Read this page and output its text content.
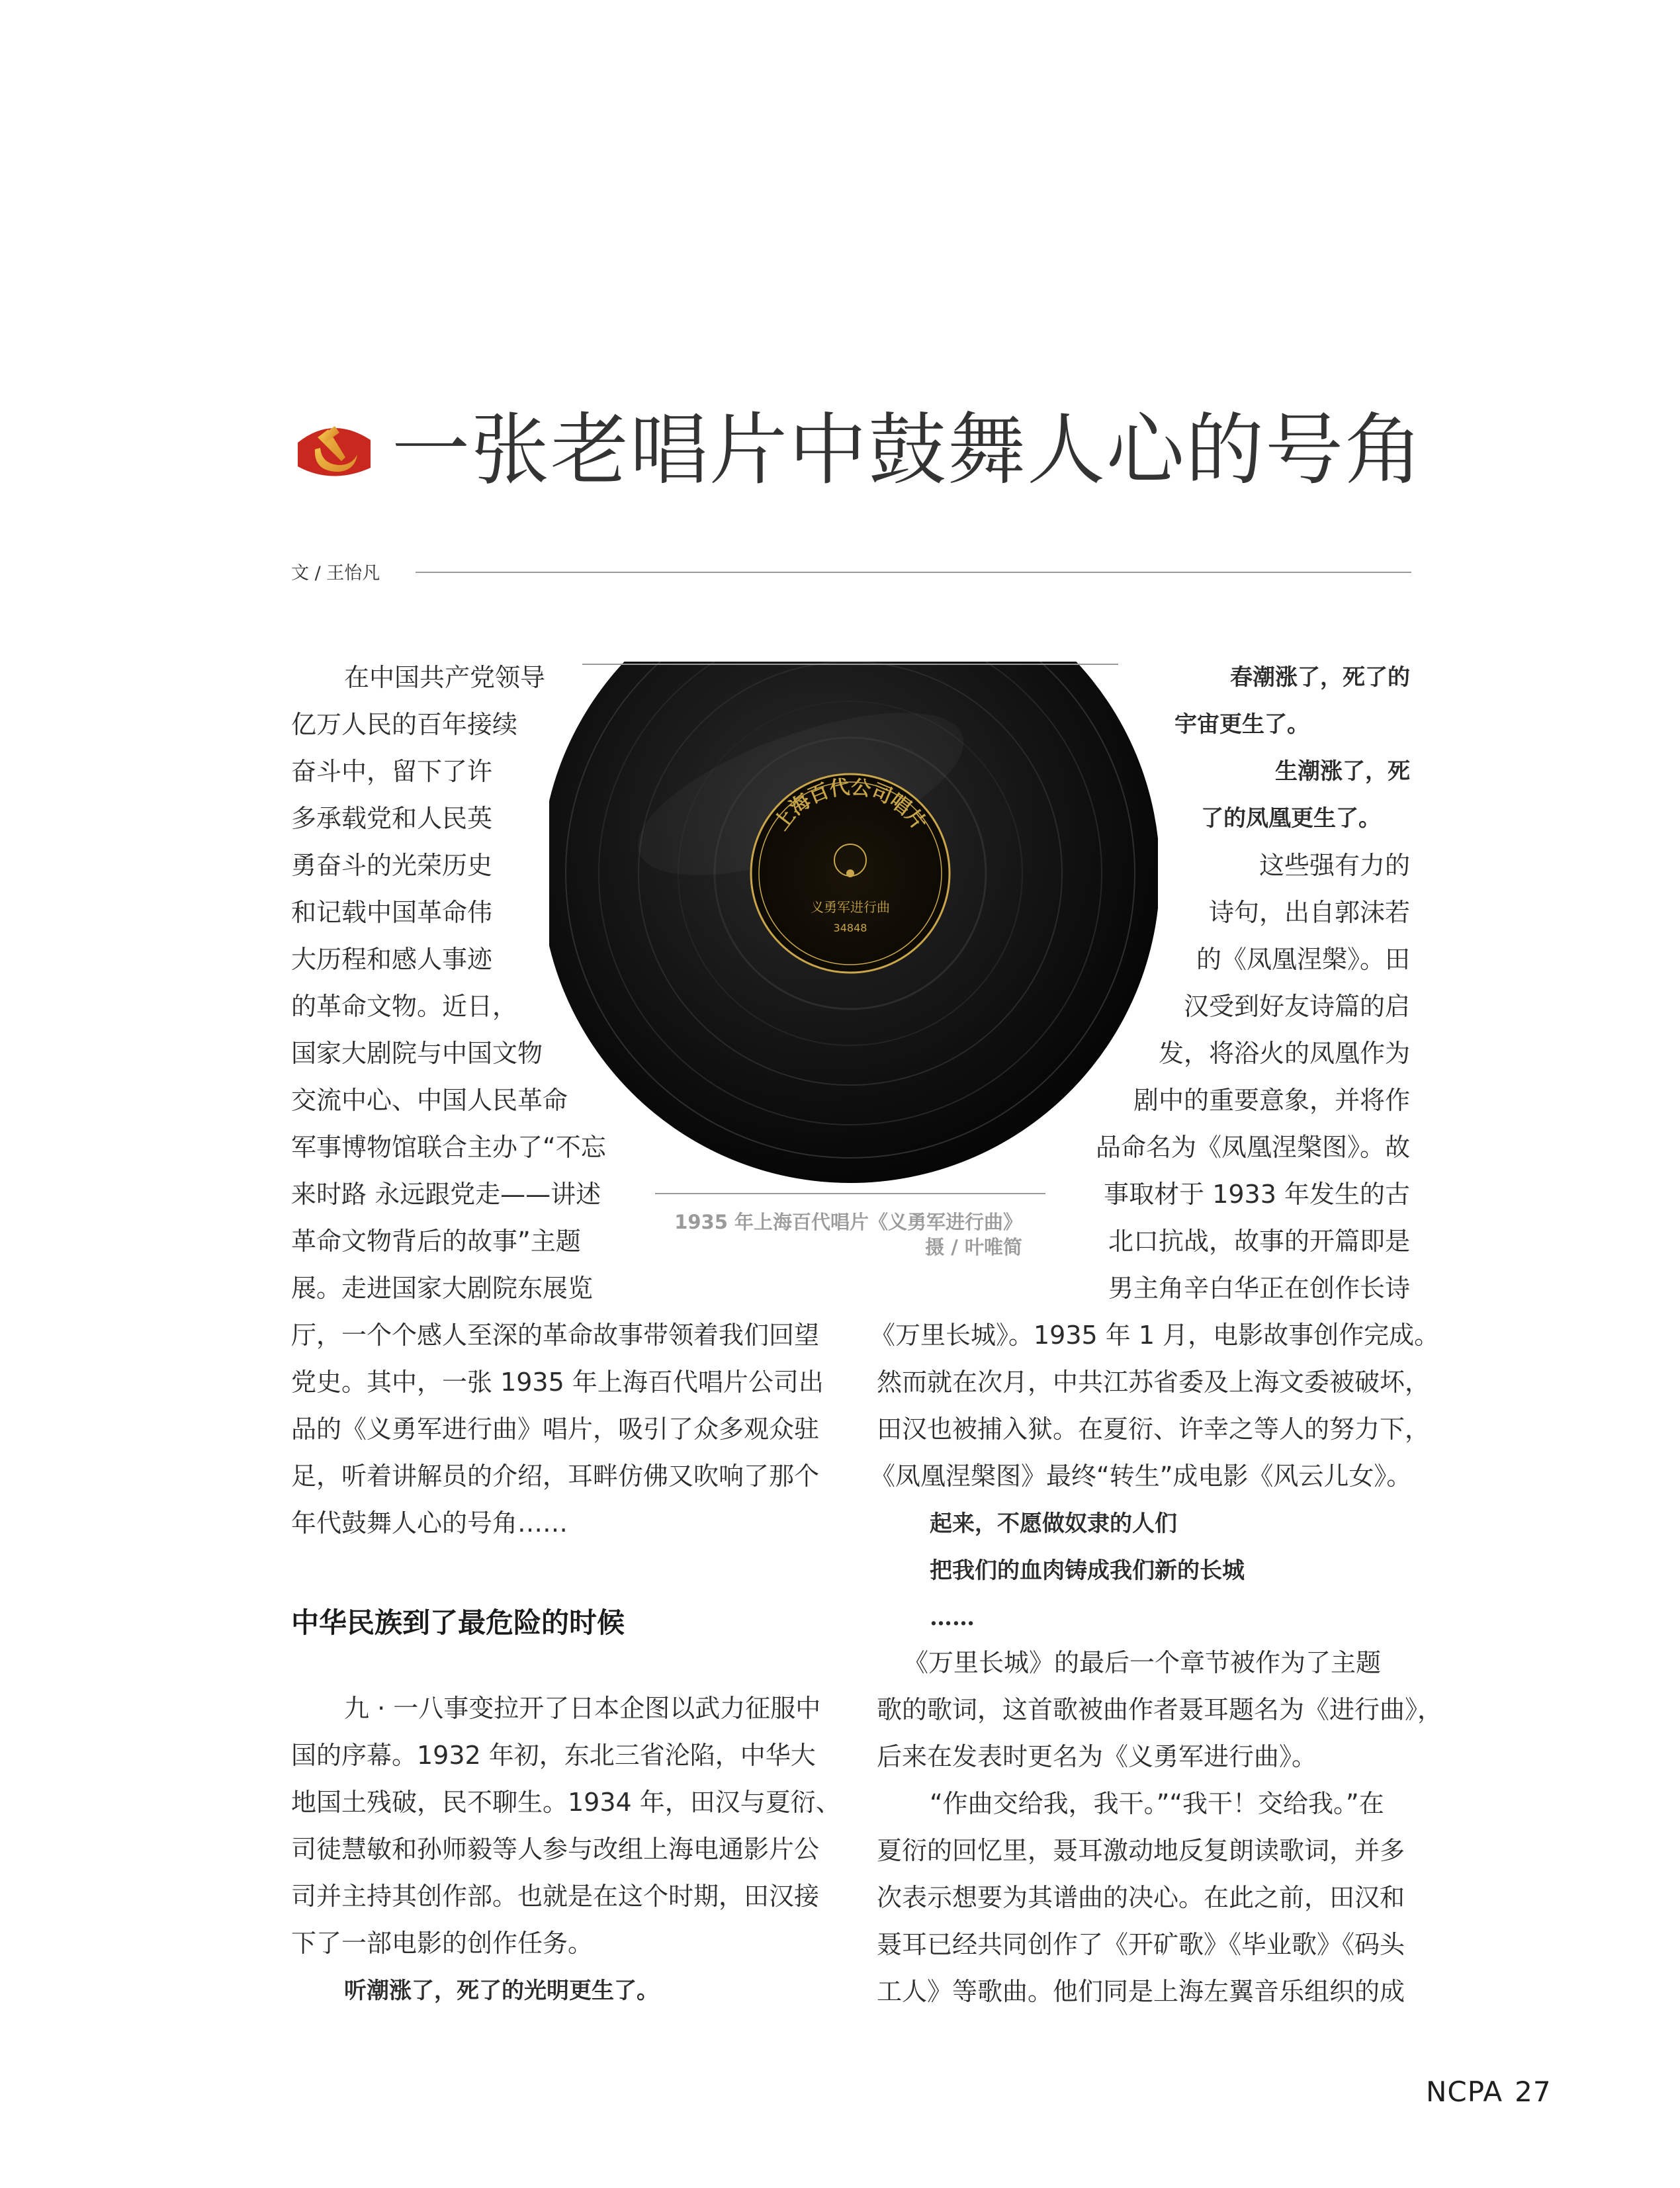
一张老唱片中鼓舞人心的号角
文 / 王怡凡
上海百代公司唱片
义勇军进行曲
34848
1935 年上海百代唱片《义勇军进行曲》
摄 / 叶唯简
在中国共产党领导
亿万人民的百年接续
奋斗中，留下了许
多承载党和人民英
勇奋斗的光荣历史
和记载中国革命伟
大历程和感人事迹
的革命文物。近日，
国家大剧院与中国文物
交流中心、中国人民革命
军事博物馆联合主办了“不忘
来时路 永远跟党走——讲述
革命文物背后的故事”主题
展。走进国家大剧院东展览
厅，一个个感人至深的革命故事带领着我们回望
党史。其中，一张 1935 年上海百代唱片公司出
品的《义勇军进行曲》唱片，吸引了众多观众驻
足，听着讲解员的介绍，耳畔仿佛又吹响了那个
年代鼓舞人心的号角……
中华民族到了最危险的时候
九 · 一八事变拉开了日本企图以武力征服中
国的序幕。1932 年初，东北三省沦陷，中华大
地国土残破，民不聊生。1934 年，田汉与夏衍、
司徒慧敏和孙师毅等人参与改组上海电通影片公
司并主持其创作部。也就是在这个时期，田汉接
下了一部电影的创作任务。
听潮涨了，死了的光明更生了。
春潮涨了，死了的
宇宙更生了。
生潮涨了，死
了的凤凰更生了。
这些强有力的
诗句，出自郭沫若
的《凤凰涅槃》。田
汉受到好友诗篇的启
发，将浴火的凤凰作为
剧中的重要意象，并将作
品命名为《凤凰涅槃图》。故
事取材于 1933 年发生的古
北口抗战，故事的开篇即是
男主角辛白华正在创作长诗
《万里长城》。1935 年 1 月，电影故事创作完成。
然而就在次月，中共江苏省委及上海文委被破坏，
田汉也被捕入狱。在夏衍、许幸之等人的努力下，
《凤凰涅槃图》最终“转生”成电影《风云儿女》。
起来，不愿做奴隶的人们
把我们的血肉铸成我们新的长城
……
《万里长城》的最后一个章节被作为了主题
歌的歌词，这首歌被曲作者聂耳题名为《进行曲》，
后来在发表时更名为《义勇军进行曲》。
“作曲交给我，我干。”“我干！交给我。”在
夏衍的回忆里，聂耳激动地反复朗读歌词，并多
次表示想要为其谱曲的决心。在此之前，田汉和
聂耳已经共同创作了《开矿歌》《毕业歌》《码头
工人》等歌曲。他们同是上海左翼音乐组织的成
NCPA 27
